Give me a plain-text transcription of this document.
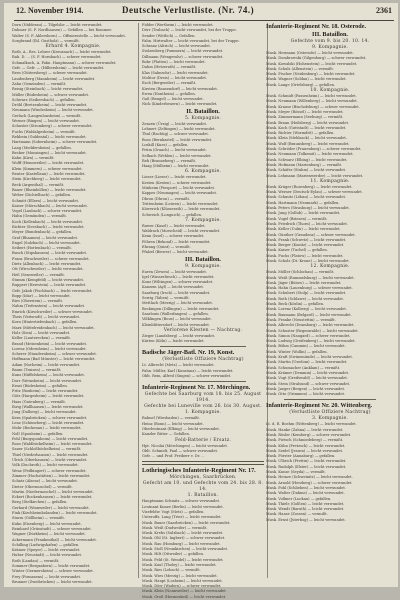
12. November 1914.	Deutsche Verlustliste. (Nr. 74.)	2361
Dorn (Nidderau) — Tilgelslie — leicht verwundet.
Dahmer (S. F. Nordhausen) — Gefallen — bei Rommee.
Walter (S. F. Ahlersborn) — Offiziersstelle — leicht verwundet.
Sorgbrand (Ihl. Gustholz) — vermißt.
Erhard 4. Kompagnie.
Rotb, A., Res. Lehrer (Kreuznach) — leicht verwundet.
Rab. D. ... (S. F. Hornbach) — schwer verwundet.
Schmalkuch, A. Fahn. Hauptmann) — schwer verwundet.
Gefr. — Gefr. — (Hilbersheim) — leicht verwundet.
Rees (Güttersberg) — schwer verwundet.
Laudenberg (Mannheim) — leicht verwundet.
Zahn (Gemünden) — vermißt.
Reisig (Steinbach) — leicht verwundet.
Müller (Rüdesheim) — schwer verwundet.
Schwarz (Seibersbach) — gefallen.
Dröhl (Bretzenheim) — leicht verwundet.
Neumann (Windesheim) — leicht verwundet.
Gerlach (Langenlonsheim) — vermißt.
Werner (Bingen) — leicht verwundet.
Schuster (Stromberg) — schwer verwundet.
Fuchs (Waldalgesheim) — vermißt.
Rehbein (Guldental) — leicht verwundet.
Hartmann (Sobernheim) — schwer verwundet.
Lang (Meddersheim) — gefallen.
Becker (Monzingen) — leicht verwundet.
Kahn (Kirn) — vermißt.
Wolff (Hennweiler) — leicht verwundet.
Klein (Simmern) — schwer verwundet.
Reuter (Kastellaun) — leicht verwundet.
Stein (Kirchberg) — leicht verwundet.
Beck (Argenthal) — vermißt.
Bauer (Rheinböllen) — leicht verwundet.
Weber (Dichtelbach) — gefallen.
Schmitt (Ellern) — leicht verwundet.
Kaiser (Mörschbach) — leicht verwundet.
Vogel (Laubach) — schwer verwundet.
Hahn (Gemünden) — vermißt.
Koch (Kellenbach) — leicht verwundet.
Richter (Seesbach) — leicht verwundet.
Meyer (Bundenbach) — gefallen.
Graf (Rhaunen) — leicht verwundet.
Engel (Sulzbach) — leicht verwundet.
Seibert (Hottenbach) — vermißt.
Busch (Stipshausen) — leicht verwundet.
Franz (Bruchweiler) — schwer verwundet.
Dietz (Allenbach) — leicht verwundet.
Ott (Wirschweiler) — leicht verwundet.
Heß (Sensweiler) — vermißt.
Stumm (Kempfeld) — leicht verwundet.
Ruppert (Herrstein) — leicht verwundet.
Gefr. Jakob (Fischbach) — leicht verwundet.
Bopp (Idar) — leicht verwundet.
Ries (Oberstein) — vermißt.
Nahm (Tiefenstein) — leicht verwundet.
Emrich (Kirschweiler) — schwer verwundet.
Theis (Veitsrodt) — leicht verwundet.
Korn (Hintertiefenbach) — gefallen.
Marx (Mittelreidenbach) — leicht verwundet.
Holz (Sien) — leicht verwundet.
Keller (Lauterecken) — vermißt.
Brand (Meisenheim) — leicht verwundet.
Lorenz (Odernheim) — leicht verwundet.
Scherer (Staudernheim) — schwer verwundet.
Hoffmann (Bad Münster) — leicht verwundet.
Adam (Norheim) — leicht verwundet.
Baum (Traisen) — vermißt.
Kunz (Hüffelsheim) — leicht verwundet.
Dorr (Weinsheim) — leicht verwundet.
Ernst (Rüdesheim) — gefallen.
Fritz (Roxheim) — leicht verwundet.
Götz (Hargesheim) — leicht verwundet.
Haas (Gutenberg) — vermißt.
Ihrig (Wallhausen) — leicht verwundet.
Jung (Dalberg) — leicht verwundet.
Kern (Spabrücken) — schwer verwundet.
Lenz (Schöneberg) — leicht verwundet.
Mohr (Bockenau) — leicht verwundet.
Noll (Sponheim) — gefallen.
Pohl (Burgsponheim) — leicht verwundet.
Roos (Waldböckelheim) — leicht verwundet.
Sauer (Schloßböckelheim) — vermißt.
Thiel (Niederhausen) — leicht verwundet.
Ulrich (Oberhausen) — leicht verwundet.
Volk (Duchroth) — leicht verwundet.
Wenz (Feilbingert) — schwer verwundet.
Zimmer (Hochstätten) — leicht verwundet.
Schatz (Alsenz) — leicht verwundet.
Dieter (Obermoschel) — vermißt.
Martin (Niedermoschel) — leicht verwundet.
Eckert (Rockenhausen) — leicht verwundet.
Berg (Dielkirchen) — gefallen.
Gerhard (Winnweiler) — leicht verwundet.
Fink (Kirchheimbolanden) — leicht verwundet.
Sturm (Göllheim) — vermißt.
Kuhn (Eisenberg) — leicht verwundet.
Reinhard (Grünstadt) — schwer verwundet.
Wagner (Dürkheim) — leicht verwundet.
Ackermann (Frankenthal) — leicht verwundet.
Schilling (Ludwigshafen) — gefallen.
Krämer (Speyer) — leicht verwundet.
Huber (Neustadt) — leicht verwundet.
Roth (Landau) — vermißt.
Sommer (Bergzabern) — leicht verwundet.
Winter (Germersheim) — schwer verwundet.
Frey (Pirmasens) — leicht verwundet.
Brunner (Zweibrücken) — leicht verwundet.
Fidder (Wertheim) — leicht verwundet.
Dörr (Trabach) — leicht verwundet, bei der Truppe.
Sender (Wittlich) — Gefallen.
Fahn. Hirtwalter — leicht verwundet, bei der Truppe.
Schranz (Altrich) — leicht verwundet.
Stolzenberg (Pommern) — leicht verwundet.
Dillmann (Wengerohr) — schwer verwundet.
Bohr (Platten) — leicht verwundet.
Dahm (Hetzerath) — vermißt.
Klas (Salmrohr) — leicht verwundet.
Molitor (Dreis) — leicht verwundet.
Esch (Bergweiler) — vermißt.
Kirsten (Bausendorf) — leicht verwundet.
Ewen (Hontheim) — gefallen.
Gaß (Bengel) — leicht verwundet.
Nick (Kinderbeuern) — leicht verwundet.
II. Bataillon.
5. Kompagnie.
Zenzen (Ürzig) — leicht verwundet.
Lehnert (Zeltingen) — leicht verwundet.
Thul (Rachtig) — schwer verwundet.
Boos (Bernkastel) — leicht verwundet.
Loskill (Kues) — gefallen.
Prüm (Graach) — leicht verwundet.
Selbach (Wehlen) — leicht verwundet.
Reh (Brauneberg) — vermißt.
Haag (Mülheim) — leicht verwundet.
6. Kompagnie.
Lieser (Lieser) — leicht verwundet.
Kesten (Kesten) — schwer verwundet.
Minheim (Piesport) — leicht verwundet.
Kappes (Neumagen) — leicht verwundet.
Dhron (Dhron) — vermißt.
Trittenheim (Leiwen) — leicht verwundet.
Köwerich (Klüsserath) — leicht verwundet.
Schweich (Longuich) — gefallen.
7. Kompagnie.
Ruwer (Kasel) — leicht verwundet.
Waldrach (Morscheid) — leicht verwundet.
Kenn (Issel) — schwer verwundet.
Föhren (Bekond) — leicht verwundet.
Ehrang (Quint) — vermißt.
Pfalzel (Biewer) — leicht verwundet.
III. Bataillon.
9. Kompagnie.
Euren (Zewen) — leicht verwundet.
Igel (Wasserliesch) — leicht verwundet.
Konz (Wiltingen) — schwer verwundet.
Kanzem (Ayl) — leicht verwundet.
Saarburg (Irsch) — leicht verwundet.
Serrig (Taben) — vermißt.
Mettlach (Merzig) — leicht verwundet.
Beckingen (Dillingen) — leicht verwundet.
Saarlouis (Wallerfangen) — gefallen.
Völklingen (Bous) — leicht verwundet.
Kleinblittersdorf — leicht verwundet.
Verlorene Klesten — Nachtrag.
Zieger (Landsberg) — leicht verwundet.
Kürten (Köln) — leicht verwundet.
Badische Jäger-Batl. Nr. 19, Konst.
(Verlustliste Offiziere Nachtrag)
Lt. Albrecht (Metz) — leicht verwundet.
Fahn. Müller, Karl (Konstanz) — leicht verwundet.
Oblt. Rein, Alfred (Singen) — schwer verwundet.
Infanterie-Regiment Nr. 17. Mörchingen.
Gefechte bei Saarburg vom 18. bis 25. August 1914.
Gefechte bei Luneville vom 26. bis 30. August.
1. Kompagnie.
Rahnel (Wiesbaden) — vermißt.
Heinz (Bonn) — leicht verwundet.
Oberleutnant (Elbing) — leicht verwundet.
Kanzler Ritter — Gefallen.
Feld-Batterie / Ersatz.
Hpt. Nicolai (Mörchingen) — leicht verwundet.
Oblt. Schmidt, Paul — schwer verwundet.
Gefr. ... und Prof. Freiherr v. Dr. ...
Lothringisches Infanterie-Regiment Nr. 17.
Mörchingen, Saarbrücken.
Gefecht am 10. und Gefechte vom 24. bis 28. 8. 14.
1. Bataillon.
Hauptmann Schmitz — schwer verwundet.
Leutnant Kunze (Berlin) — leicht verwundet.
Vizefeldw. Vogt (Metz) — gefallen.
Unteroffz. Lang (Trier) — leicht verwundet.
Musk. Bauer (Saarbrücken) — leicht verwundet.
Musk. Weiß (Dudweiler) — vermißt.
Musk. Krebs (Sulzbach) — leicht verwundet.
Musk. Ohl (St. Ingbert) — schwer verwundet.
Musk. Rau (Homburg) — leicht verwundet.
Musk. Stoll (Neunkirchen) — leicht verwundet.
Musk. Hilt (Ottweiler) — gefallen.
Musk. Feld (St. Wendel) — leicht verwundet.
Musk. Kaul (Tholey) — leicht verwundet.
Musk. Ries (Lebach) — vermißt.
Musk. Wies (Merzig) — leicht verwundet.
Musk. Haupt (Losheim) — leicht verwundet.
Musk. Dörr (Wadern) — schwer verwundet.
Musk. Klein (Nonnweiler) — leicht verwundet.
Musk. Groß (Hermeskeil) — leicht verwundet.
Infanterie-Regiment Nr. 18. Osterode.
III. Bataillon.
Gefechte vom 9. bis 20. 10. 14.
9. Kompagnie.
Musk. Hermann (Osterode) — leicht verwundet.
Musk. Dombrowski (Gilgenburg) — schwer verwundet.
Musk. Kowalski (Hohenstein) — leicht verwundet.
Musk. Schulz (Allenstein) — vermißt.
Musk. Fischer (Neidenburg) — leicht verwundet.
Musk. Wagner (Soldau) — leicht verwundet.
Musk. Lange (Ortelsburg) — gefallen.
10. Kompagnie.
Musk. Schmidt (Passenheim) — leicht verwundet.
Musk. Neumann (Willenberg) — leicht verwundet.
Musk. Krause (Bischofsburg) — schwer verwundet.
Musk. Meyer (Rössel) — leicht verwundet.
Musk. Zimmermann (Seeburg) — vermißt.
Musk. Braun (Heilsberg) — leicht verwundet.
Musk. Koch (Guttstadt) — leicht verwundet.
Musk. Richter (Wormditt) — gefallen.
Musk. Klein (Mehlsack) — leicht verwundet.
Musk. Wolf (Braunsberg) — leicht verwundet.
Musk. Schröder (Frauenburg) — schwer verwundet.
Musk. Neumann (Tolkemit) — leicht verwundet.
Musk. Schwarz (Elbing) — leicht verwundet.
Musk. Hofmann (Marienburg) — vermißt.
Musk. Schäfer (Stuhm) — leicht verwundet.
Musk. Lehmann (Marienwerder) — leicht verwundet.
11. Kompagnie.
Musk. Krüger (Rosenberg) — leicht verwundet.
Musk. Werner (Deutsch-Eylau) — schwer verwundet.
Musk. Schmitz (Löbau) — leicht verwundet.
Musk. Hartmann (Neumark) — gefallen.
Musk. Peters (Strasburg) — leicht verwundet.
Musk. Jung (Gollub) — leicht verwundet.
Musk. Vogel (Briesen) — vermißt.
Musk. Friedrich (Thorn) — leicht verwundet.
Musk. Keller (Culm) — leicht verwundet.
Musk. Günther (Graudenz) — schwer verwundet.
Musk. Frank (Schwetz) — leicht verwundet.
Musk. Berger (Konitz) — leicht verwundet.
Musk. Kaiser (Tuchel) — gefallen.
Musk. Fuchs (Flatow) — leicht verwundet.
Musk. Scholz (Dt.-Krone) — leicht verwundet.
12. Kompagnie.
Musk. Möller (Schlochau) — vermißt.
Musk. Weiß (Rummelsburg) — leicht verwundet.
Musk. Jäger (Bütow) — leicht verwundet.
Musk. Hahn (Lauenburg) — schwer verwundet.
Musk. Schubert (Stolp) — leicht verwundet.
Musk. Roth (Schlawe) — leicht verwundet.
Musk. Beck (Köslin) — gefallen.
Musk. Lorenz (Kolberg) — leicht verwundet.
Musk. Baumann (Belgard) — leicht verwundet.
Musk. Franke (Neustettin) — vermißt.
Musk. Albrecht (Dramburg) — leicht verwundet.
Musk. Schuster (Regenwalde) — leicht verwundet.
Musk. Simon (Naugard) — schwer verwundet.
Musk. Ludwig (Greifenberg) — leicht verwundet.
Musk. Böhm (Cammin) — leicht verwundet.
Musk. Winter (Wollin) — gefallen.
Musk. Kraft (Swinemünde) — leicht verwundet.
Musk. Martin (Usedom) — leicht verwundet.
Musk. Schumacher (Anklam) — vermißt.
Musk. Krämer (Demmin) — leicht verwundet.
Musk. Vogt (Greifswald) — leicht verwundet.
Musk. Stein (Stralsund) — schwer verwundet.
Musk. Jaeger (Bergen) — leicht verwundet.
Musk. Otto (Grimmen) — leicht verwundet.
Infanterie-Regiment Nr. 20. Wittenberg.
(Verlustliste Offiziere Nachtrag)
3. Kompagnie.
Lt. d. R. Boehm (Wittenberg) — leicht verwundet.
Musk. Hanke (Zahna) — leicht verwundet.
Musk. Rösler (Kemberg) — schwer verwundet.
Musk. Pietsch (Schmiedeberg) — vermißt.
Musk. Kühn (Pretzsch) — leicht verwundet.
Musk. Seidel (Jessen) — leicht verwundet.
Musk. Förster (Annaburg) — gefallen.
Musk. Ulbrich (Prettin) — leicht verwundet.
Musk. Rudolph (Elster) — leicht verwundet.
Musk. Kunze (Seyda) — vermißt.
Musk. Heinze (Schweinitz) — leicht verwundet.
Musk. Arnold (Herzberg) — schwer verwundet.
Musk. Pohl (Schlieben) — leicht verwundet.
Musk. Walter (Dahme) — leicht verwundet.
Musk. Vollmer (Luckau) — gefallen.
Musk. Thiele (Golßen) — leicht verwundet.
Musk. Wendt (Baruth) — leicht verwundet.
Musk. Haase (Zossen) — vermißt.
Musk. Ernst (Jüterbog) — leicht verwundet.
